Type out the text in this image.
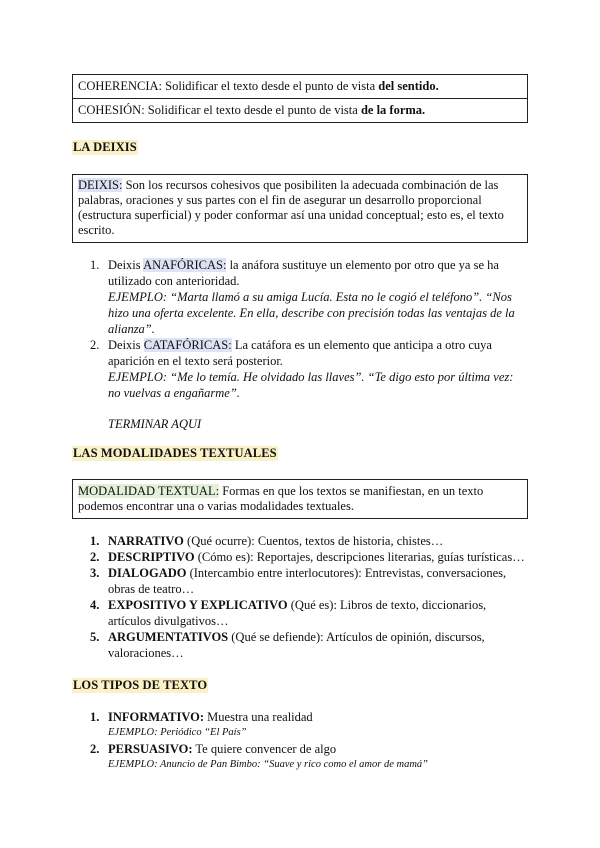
COHERENCIA: Solidificar el texto desde el punto de vista del sentido.
COHESIÓN: Solidificar el texto desde el punto de vista de la forma.
LA DEIXIS
DEIXIS: Son los recursos cohesivos que posibiliten la adecuada combinación de las palabras, oraciones y sus partes con el fin de asegurar un desarrollo proporcional (estructura superficial) y poder conformar así una unidad conceptual; esto es, el texto escrito.
1. Deixis ANAFÓRICAS: la anáfora sustituye un elemento por otro que ya se ha utilizado con anterioridad.
EJEMPLO: “Marta llamó a su amiga Lucía. Esta no le cogió el teléfono”. “Nos hizo una oferta excelente. En ella, describe con precisión todas las ventajas de la alianza”.
2. Deixis CATAFÓRICAS: La catáfora es un elemento que anticipa a otro cuya aparición en el texto será posterior.
EJEMPLO: “Me lo temía. He olvidado las llaves”. “Te digo esto por última vez: no vuelvas a engañarme”.
TERMINAR AQUI
LAS MODALIDADES TEXTUALES
MODALIDAD TEXTUAL: Formas en que los textos se manifiestan, en un texto podemos encontrar una o varias modalidades textuales.
1. NARRATIVO (Qué ocurre): Cuentos, textos de historia, chistes…
2. DESCRIPTIVO (Cómo es): Reportajes, descripciones literarias, guías turísticas…
3. DIALOGADO (Intercambio entre interlocutores): Entrevistas, conversaciones, obras de teatro…
4. EXPOSITIVO Y EXPLICATIVO (Qué es): Libros de texto, diccionarios, artículos divulgativos…
5. ARGUMENTATIVOS (Qué se defiende): Artículos de opinión, discursos, valoraciones…
LOS TIPOS DE TEXTO
1. INFORMATIVO: Muestra una realidad
EJEMPLO: Periódico “El País”
2. PERSUASIVO: Te quiere convencer de algo
EJEMPLO: Anuncio de Pan Bimbo: “Suave y rico como el amor de mamá”
